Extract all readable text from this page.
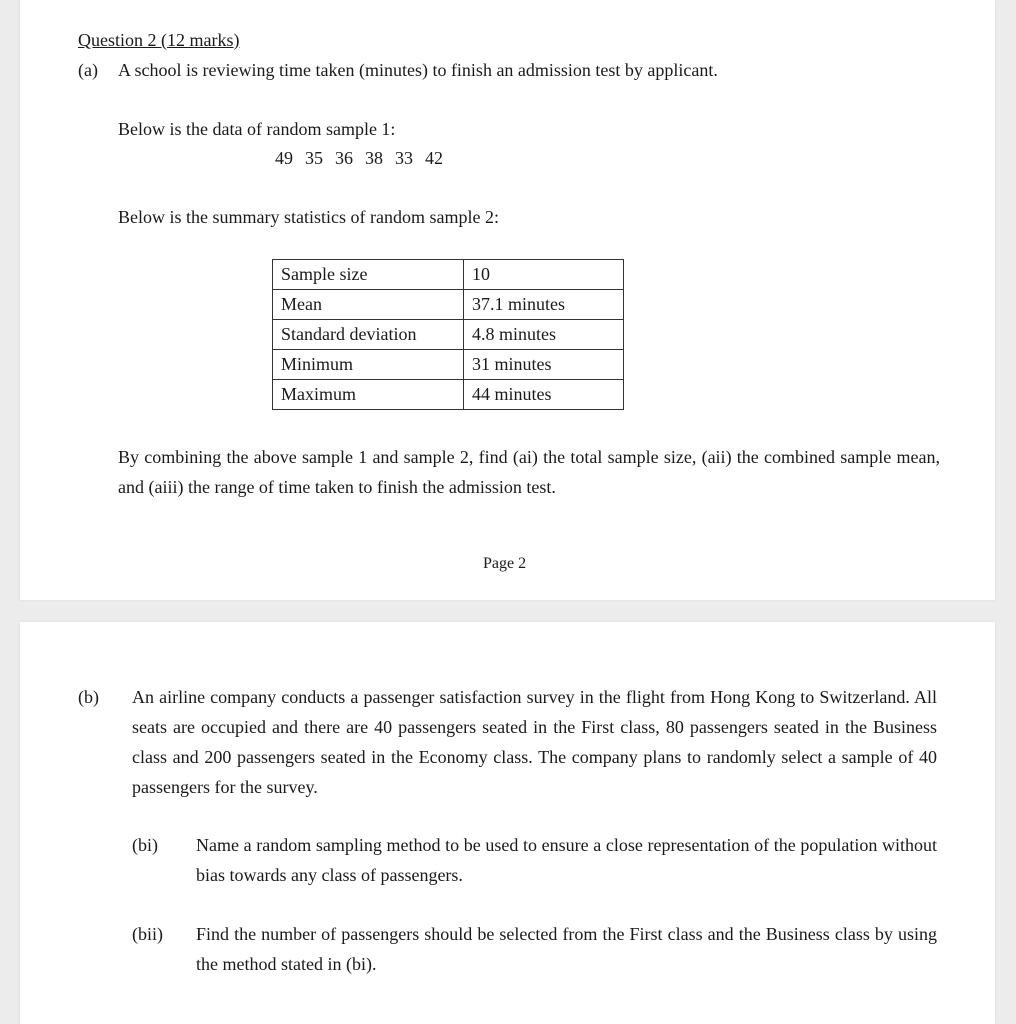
Question 2 (12 marks)
(a) A school is reviewing time taken (minutes) to finish an admission test by applicant.
Below is the data of random sample 1:
49 35 36 38 33 42
Below is the summary statistics of random sample 2:
Sample size	10
Mean	37.1 minutes
Standard deviation	4.8 minutes
Minimum	31 minutes
Maximum	44 minutes
By combining the above sample 1 and sample 2, find (ai) the total sample size, (aii) the combined sample mean, and (aiii) the range of time taken to finish the admission test.
Page 2
(b) An airline company conducts a passenger satisfaction survey in the flight from Hong Kong to Switzerland. All seats are occupied and there are 40 passengers seated in the First class, 80 passengers seated in the Business class and 200 passengers seated in the Economy class. The company plans to randomly select a sample of 40 passengers for the survey.
(bi) Name a random sampling method to be used to ensure a close representation of the population without bias towards any class of passengers.
(bii) Find the number of passengers should be selected from the First class and the Business class by using the method stated in (bi).
